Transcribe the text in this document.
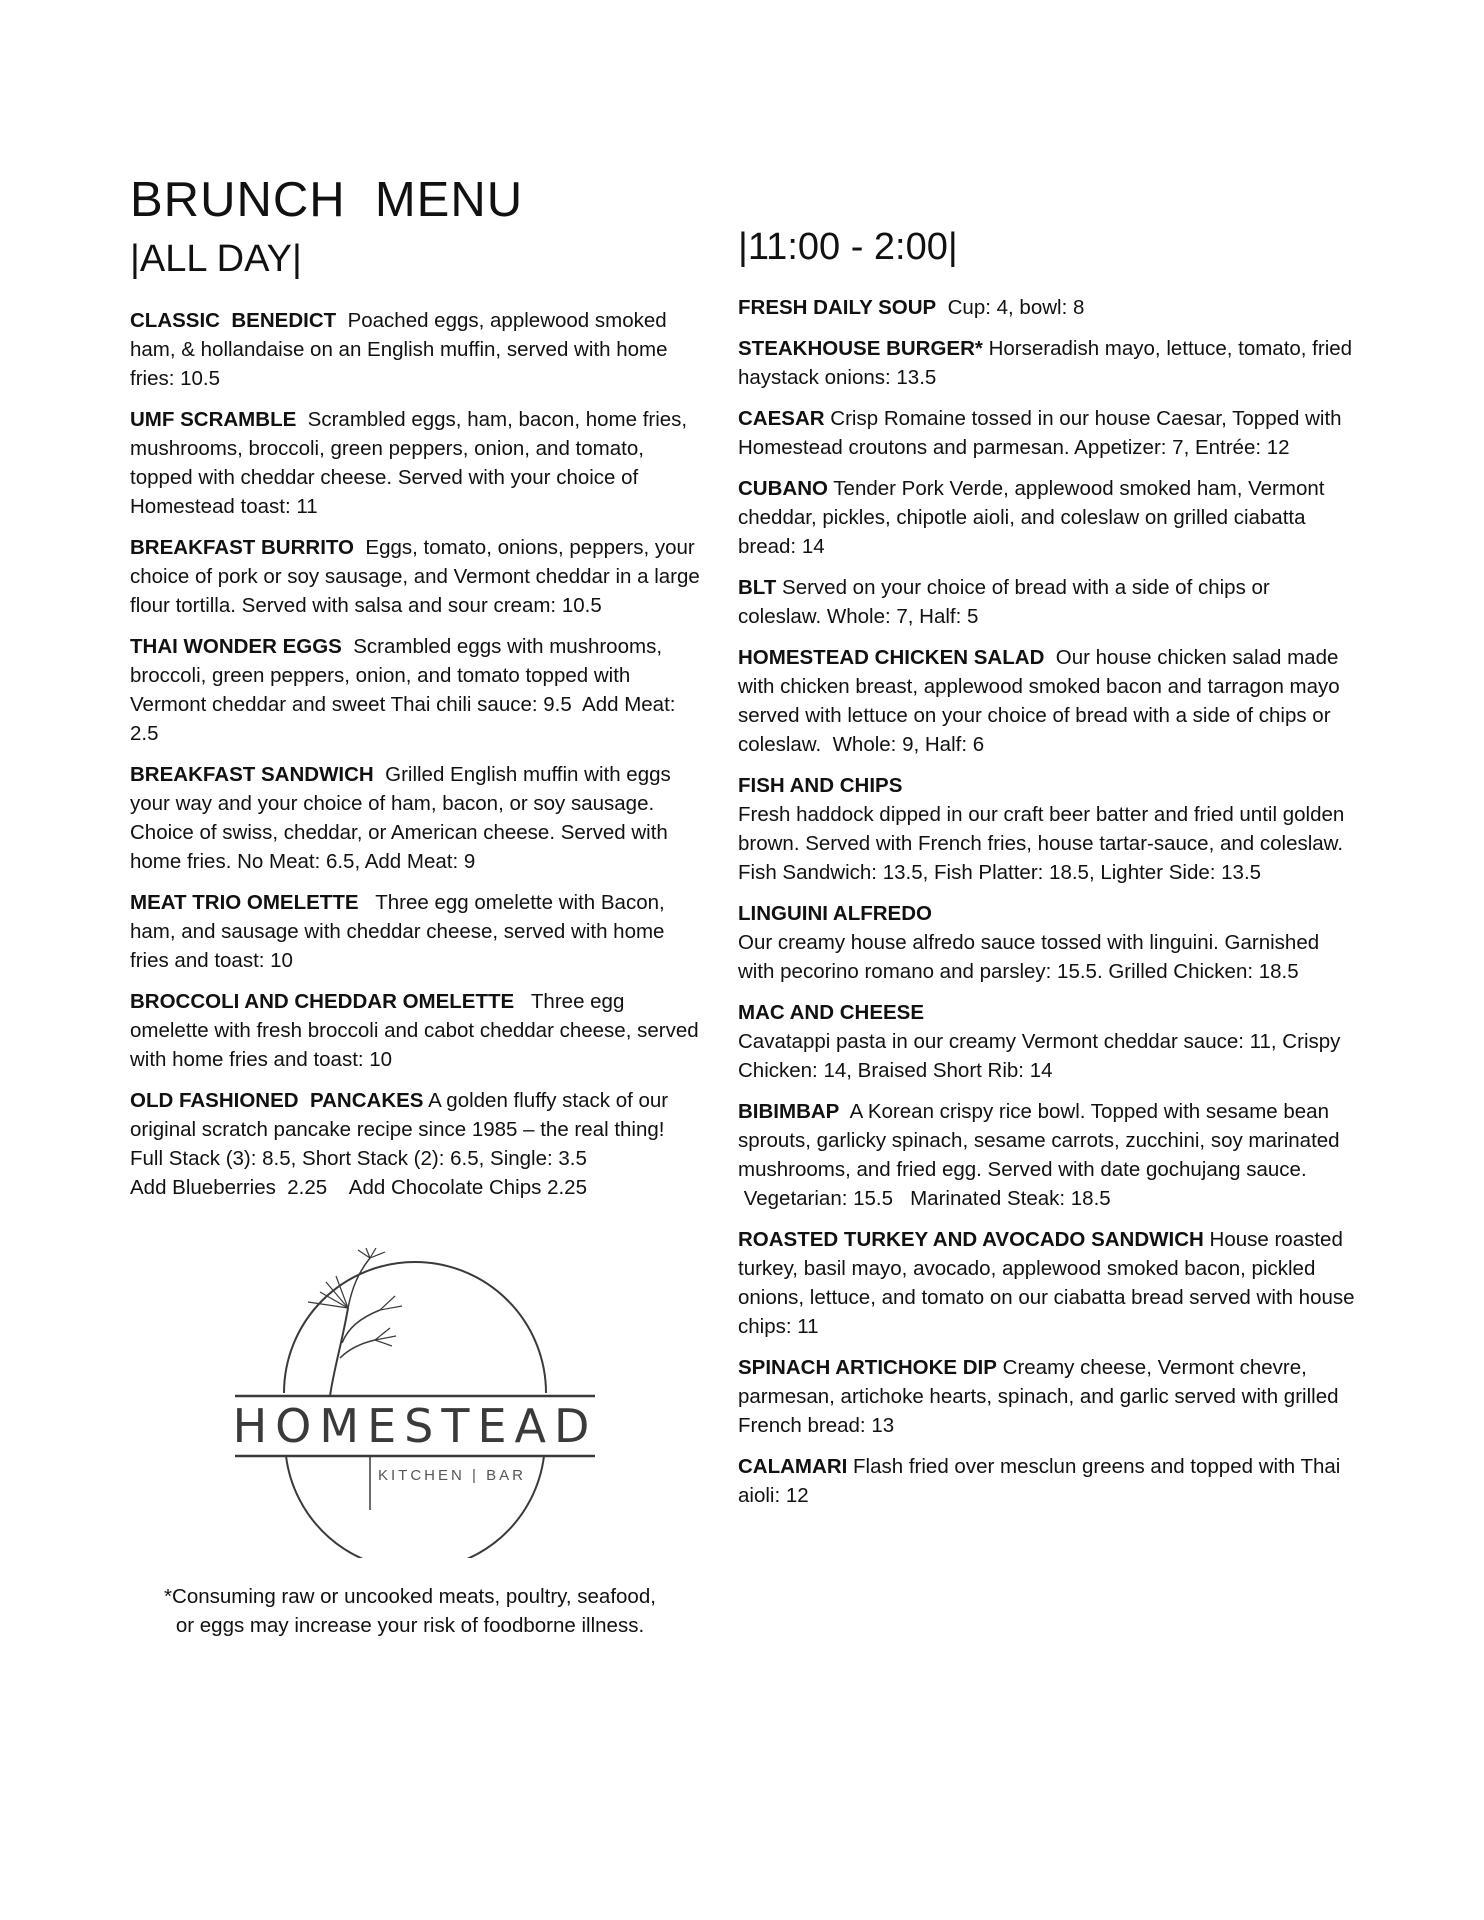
BRUNCH  MENU
|ALL DAY|	|11:00 - 2:00|
CLASSIC  BENEDICT Poached eggs, applewood smoked ham, & hollandaise on an English muffin, served with home fries: 10.5
UMF SCRAMBLE Scrambled eggs, ham, bacon, home fries, mushrooms, broccoli, green peppers, onion, and tomato, topped with cheddar cheese. Served with your choice of Homestead toast: 11
BREAKFAST BURRITO Eggs, tomato, onions, peppers, your choice of pork or soy sausage, and Vermont cheddar in a large flour tortilla. Served with salsa and sour cream: 10.5
THAI WONDER EGGS Scrambled eggs with mushrooms, broccoli, green peppers, onion, and tomato topped with Vermont cheddar and sweet Thai chili sauce: 9.5  Add Meat: 2.5
BREAKFAST SANDWICH Grilled English muffin with eggs your way and your choice of ham, bacon, or soy sausage. Choice of swiss, cheddar, or American cheese. Served with home fries. No Meat: 6.5, Add Meat: 9
MEAT TRIO OMELETTE   Three egg omelette with Bacon, ham, and sausage with cheddar cheese, served with home fries and toast: 10
BROCCOLI AND CHEDDAR OMELETTE   Three egg omelette with fresh broccoli and cabot cheddar cheese, served with home fries and toast: 10
OLD FASHIONED  PANCAKES A golden fluffy stack of our original scratch pancake recipe since 1985 – the real thing! Full Stack (3): 8.5, Short Stack (2): 6.5, Single: 3.5
Add Blueberries  2.25    Add Chocolate Chips 2.25
HOMESTEAD
KITCHEN | BAR
*Consuming raw or uncooked meats, poultry, seafood,
or eggs may increase your risk of foodborne illness.
FRESH DAILY SOUP Cup: 4, bowl: 8
STEAKHOUSE BURGER* Horseradish mayo, lettuce, tomato, fried haystack onions: 13.5
CAESAR Crisp Romaine tossed in our house Caesar, Topped with Homestead croutons and parmesan. Appetizer: 7, Entrée: 12
CUBANO Tender Pork Verde, applewood smoked ham, Vermont cheddar, pickles, chipotle aioli, and coleslaw on grilled ciabatta bread: 14
BLT Served on your choice of bread with a side of chips or coleslaw. Whole: 7, Half: 5
HOMESTEAD CHICKEN SALAD Our house chicken salad made with chicken breast, applewood smoked bacon and tarragon mayo served with lettuce on your choice of bread with a side of chips or coleslaw.  Whole: 9, Half: 6
FISH AND CHIPS
Fresh haddock dipped in our craft beer batter and fried until golden brown. Served with French fries, house tartar-sauce, and coleslaw. Fish Sandwich: 13.5, Fish Platter: 18.5, Lighter Side: 13.5
LINGUINI ALFREDO
Our creamy house alfredo sauce tossed with linguini. Garnished with pecorino romano and parsley: 15.5. Grilled Chicken: 18.5
MAC AND CHEESE
Cavatappi pasta in our creamy Vermont cheddar sauce: 11, Crispy Chicken: 14, Braised Short Rib: 14
BIBIMBAP A Korean crispy rice bowl. Topped with sesame bean sprouts, garlicky spinach, sesame carrots, zucchini, soy marinated mushrooms, and fried egg. Served with date gochujang sauce.
Vegetarian: 15.5   Marinated Steak: 18.5
ROASTED TURKEY AND AVOCADO SANDWICH House roasted turkey, basil mayo, avocado, applewood smoked bacon, pickled onions, lettuce, and tomato on our ciabatta bread served with house chips: 11
SPINACH ARTICHOKE DIP Creamy cheese, Vermont chevre, parmesan, artichoke hearts, spinach, and garlic served with grilled French bread: 13
CALAMARI Flash fried over mesclun greens and topped with Thai aioli: 12
